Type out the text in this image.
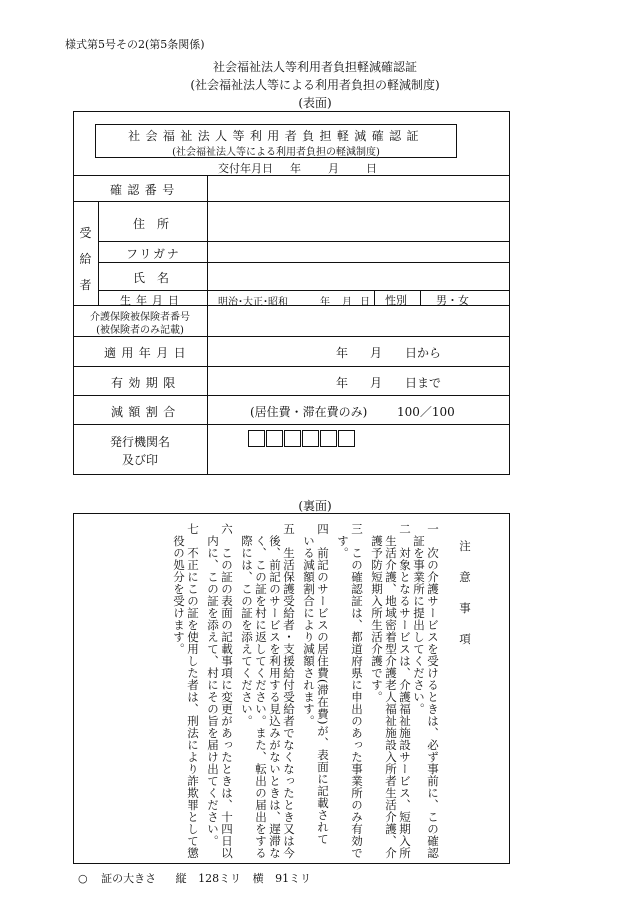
様式第5号その2(第5条関係)
社会福祉法人等利用者負担軽減確認証
(社会福祉法人等による利用者負担の軽減制度)
(表面)
社会福祉法人等利用者負担軽減確認証
(社会福祉法人等による利用者負担の軽減制度)
交付年月日 年 月 日
確認番号
受
給
者
住　所
フリガナ
氏　名
生年月日	明治･大正･昭和	年 月 日 性別	男・女
介護保険被保険者番号
(被保険者のみ記載)
適用年月日	年 月 日から
有効期限	年 月 日まで
減額割合	(居住費・滞在費のみ) 100／100
発行機関名
及び印
(裏面)
注　意　事　項
一　次の介護サービスを受けるときは、必ず事前に、この確認
　証を事業所に提出してください。
二　対象となるサービスは、介護福祉施設サービス、短期入所
　生活介護、地域密着型介護老人福祉施設入所者生活介護、介
　護予防短期入所生活介護です。
三　この確認証は、都道府県に申出のあった事業所のみ有効で
　す。
四　前記のサービスの居住費(滞在費)が、表面に記載されて
　いる減額割合により減額されます。
五　生活保護受給者・支援給付受給者でなくなったとき又は今
　後、前記のサービスを利用する見込みがないときは、遅滞な
　く、この証を村に返してください。また、転出の届出をする
　際には、この証を添えてください。
六　この証の表面の記載事項に変更があったときは、十四日以
　内に、この証を添えて、村にその旨を届け出てください。
七　不正にこの証を使用した者は、刑法により詐欺罪として懲
　役の処分を受けます。
○ 証の大きさ 縦 128ミリ 横 91ミリ
